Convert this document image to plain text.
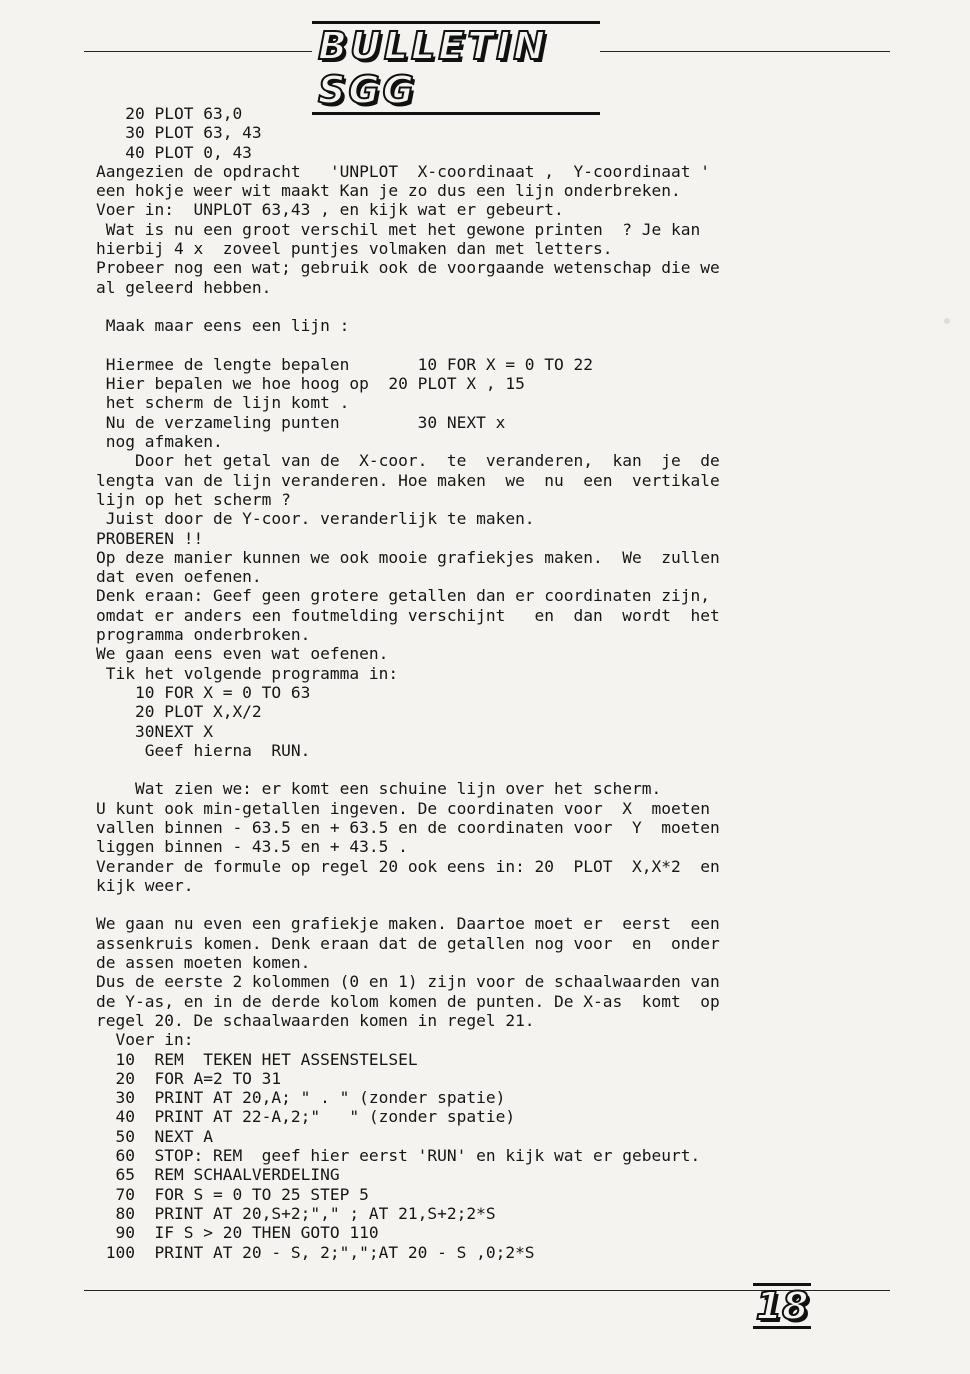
BULLETIN SGG
20 PLOT 63,0
30 PLOT 63, 43
40 PLOT 0, 43
Aangezien de opdracht   'UNPLOT  X-coordinaat ,  Y-coordinaat '
een hokje weer wit maakt Kan je zo dus een lijn onderbreken.
Voer in:  UNPLOT 63,43 , en kijk wat er gebeurt.
Wat is nu een groot verschil met het gewone printen  ? Je kan
hierbij 4 x  zoveel puntjes volmaken dan met letters.
Probeer nog een wat; gebruik ook de voorgaande wetenschap die we
al geleerd hebben.
Maak maar eens een lijn :
Hiermee de lengte bepalen       10 FOR X = 0 TO 22
Hier bepalen we hoe hoog op  20 PLOT X , 15
het scherm de lijn komt .
Nu de verzameling punten        30 NEXT x
nog afmaken.
Door het getal van de  X-coor.  te  veranderen,  kan  je  de
lengta van de lijn veranderen. Hoe maken  we  nu  een  vertikale
lijn op het scherm ?
Juist door de Y-coor. veranderlijk te maken.
PROBEREN !!
Op deze manier kunnen we ook mooie grafiekjes maken.  We  zullen
dat even oefenen.
Denk eraan: Geef geen grotere getallen dan er coordinaten zijn,
omdat er anders een foutmelding verschijnt   en  dan  wordt  het
programma onderbroken.
We gaan eens even wat oefenen.
Tik het volgende programma in:
10 FOR X = 0 TO 63
20 PLOT X,X/2
30NEXT X
Geef hierna  RUN.
Wat zien we: er komt een schuine lijn over het scherm.
U kunt ook min-getallen ingeven. De coordinaten voor  X  moeten
vallen binnen - 63.5 en + 63.5 en de coordinaten voor  Y  moeten
liggen binnen - 43.5 en + 43.5 .
Verander de formule op regel 20 ook eens in: 20  PLOT  X,X*2  en
kijk weer.
We gaan nu even een grafiekje maken. Daartoe moet er  eerst  een
assenkruis komen. Denk eraan dat de getallen nog voor  en  onder
de assen moeten komen.
Dus de eerste 2 kolommen (0 en 1) zijn voor de schaalwaarden van
de Y-as, en in de derde kolom komen de punten. De X-as  komt  op
regel 20. De schaalwaarden komen in regel 21.
Voer in:
10  REM  TEKEN HET ASSENSTELSEL
20  FOR A=2 TO 31
30  PRINT AT 20,A; " . " (zonder spatie)
40  PRINT AT 22-A,2;"   " (zonder spatie)
50  NEXT A
60  STOP: REM  geef hier eerst 'RUN' en kijk wat er gebeurt.
65  REM SCHAALVERDELING
70  FOR S = 0 TO 25 STEP 5
80  PRINT AT 20,S+2;"," ; AT 21,S+2;2*S
90  IF S > 20 THEN GOTO 110
100  PRINT AT 20 - S, 2;",";AT 20 - S ,0;2*S
18
